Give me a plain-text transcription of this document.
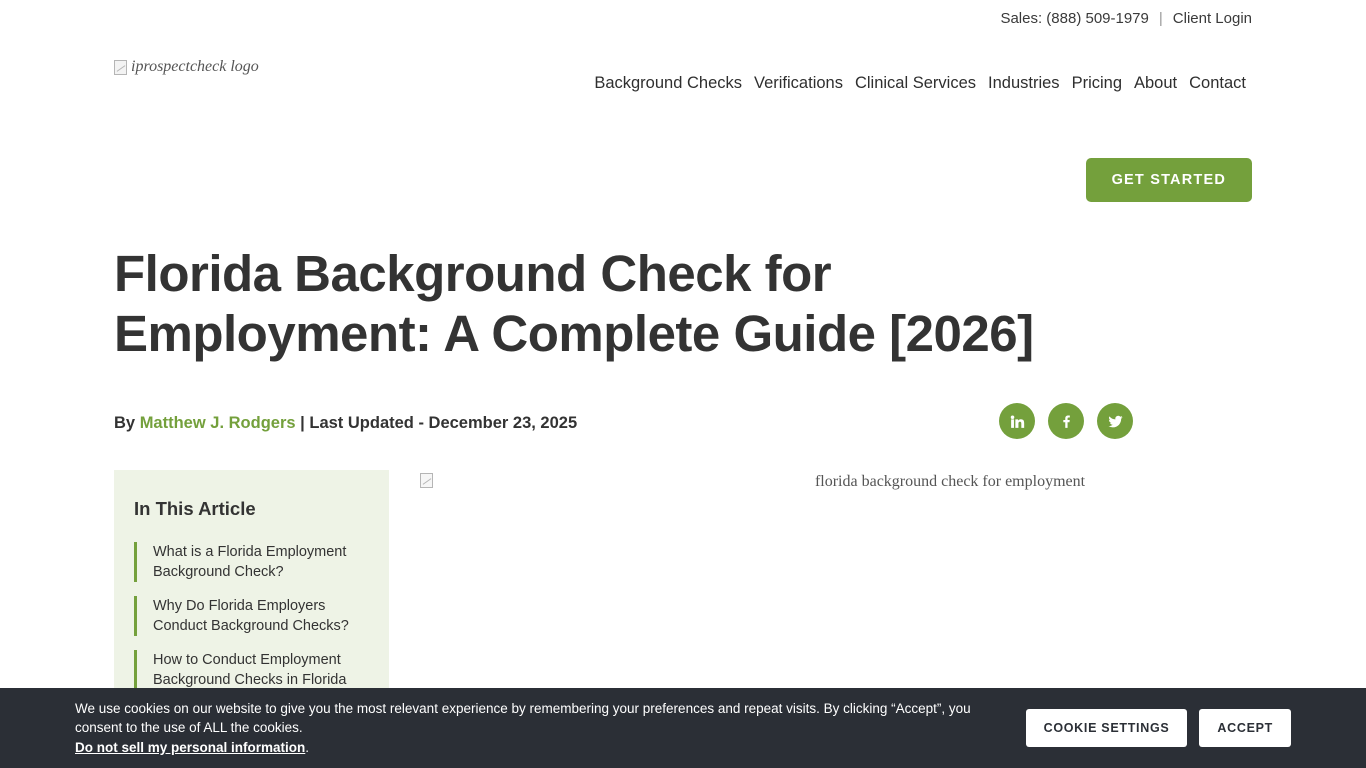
Sales: (888) 509-1979 | Client Login
iprospectcheck logo
Background Checks Verifications Clinical Services Industries Pricing About Contact
GET STARTED
Florida Background Check for Employment: A Complete Guide [2026]
By Matthew J. Rodgers | Last Updated - December 23, 2025
In This Article
What is a Florida Employment Background Check?
Why Do Florida Employers Conduct Background Checks?
How to Conduct Employment Background Checks in Florida
florida background check for employment
We use cookies on our website to give you the most relevant experience by remembering your preferences and repeat visits. By clicking “Accept”, you consent to the use of ALL the cookies.
Do not sell my personal information.
COOKIE SETTINGS	ACCEPT
